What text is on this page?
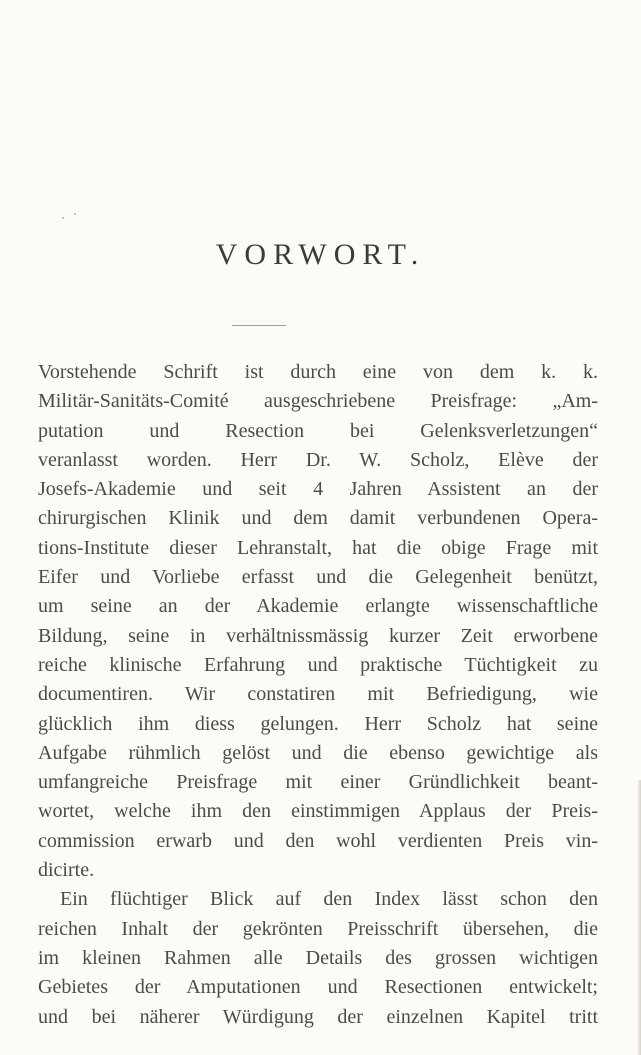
VORWORT.
Vorstehende Schrift ist durch eine von dem k. k.
Militär-Sanitäts-Comité ausgeschriebene Preisfrage: „Am-
putation und Resection bei Gelenksverletzungen“
veranlasst worden. Herr Dr. W. Scholz, Elève der
Josefs-Akademie und seit 4 Jahren Assistent an der
chirurgischen Klinik und dem damit verbundenen Opera-
tions-Institute dieser Lehranstalt, hat die obige Frage mit
Eifer und Vorliebe erfasst und die Gelegenheit benützt,
um seine an der Akademie erlangte wissenschaftliche
Bildung, seine in verhältnissmässig kurzer Zeit erworbene
reiche klinische Erfahrung und praktische Tüchtigkeit zu
documentiren. Wir constatiren mit Befriedigung, wie
glücklich ihm diess gelungen. Herr Scholz hat seine
Aufgabe rühmlich gelöst und die ebenso gewichtige als
umfangreiche Preisfrage mit einer Gründlichkeit beant-
wortet, welche ihm den einstimmigen Applaus der Preis-
commission erwarb und den wohl verdienten Preis vin-
dicirte.
Ein flüchtiger Blick auf den Index lässt schon den
reichen Inhalt der gekrönten Preisschrift übersehen, die
im kleinen Rahmen alle Details des grossen wichtigen
Gebietes der Amputationen und Resectionen entwickelt;
und bei näherer Würdigung der einzelnen Kapitel tritt
